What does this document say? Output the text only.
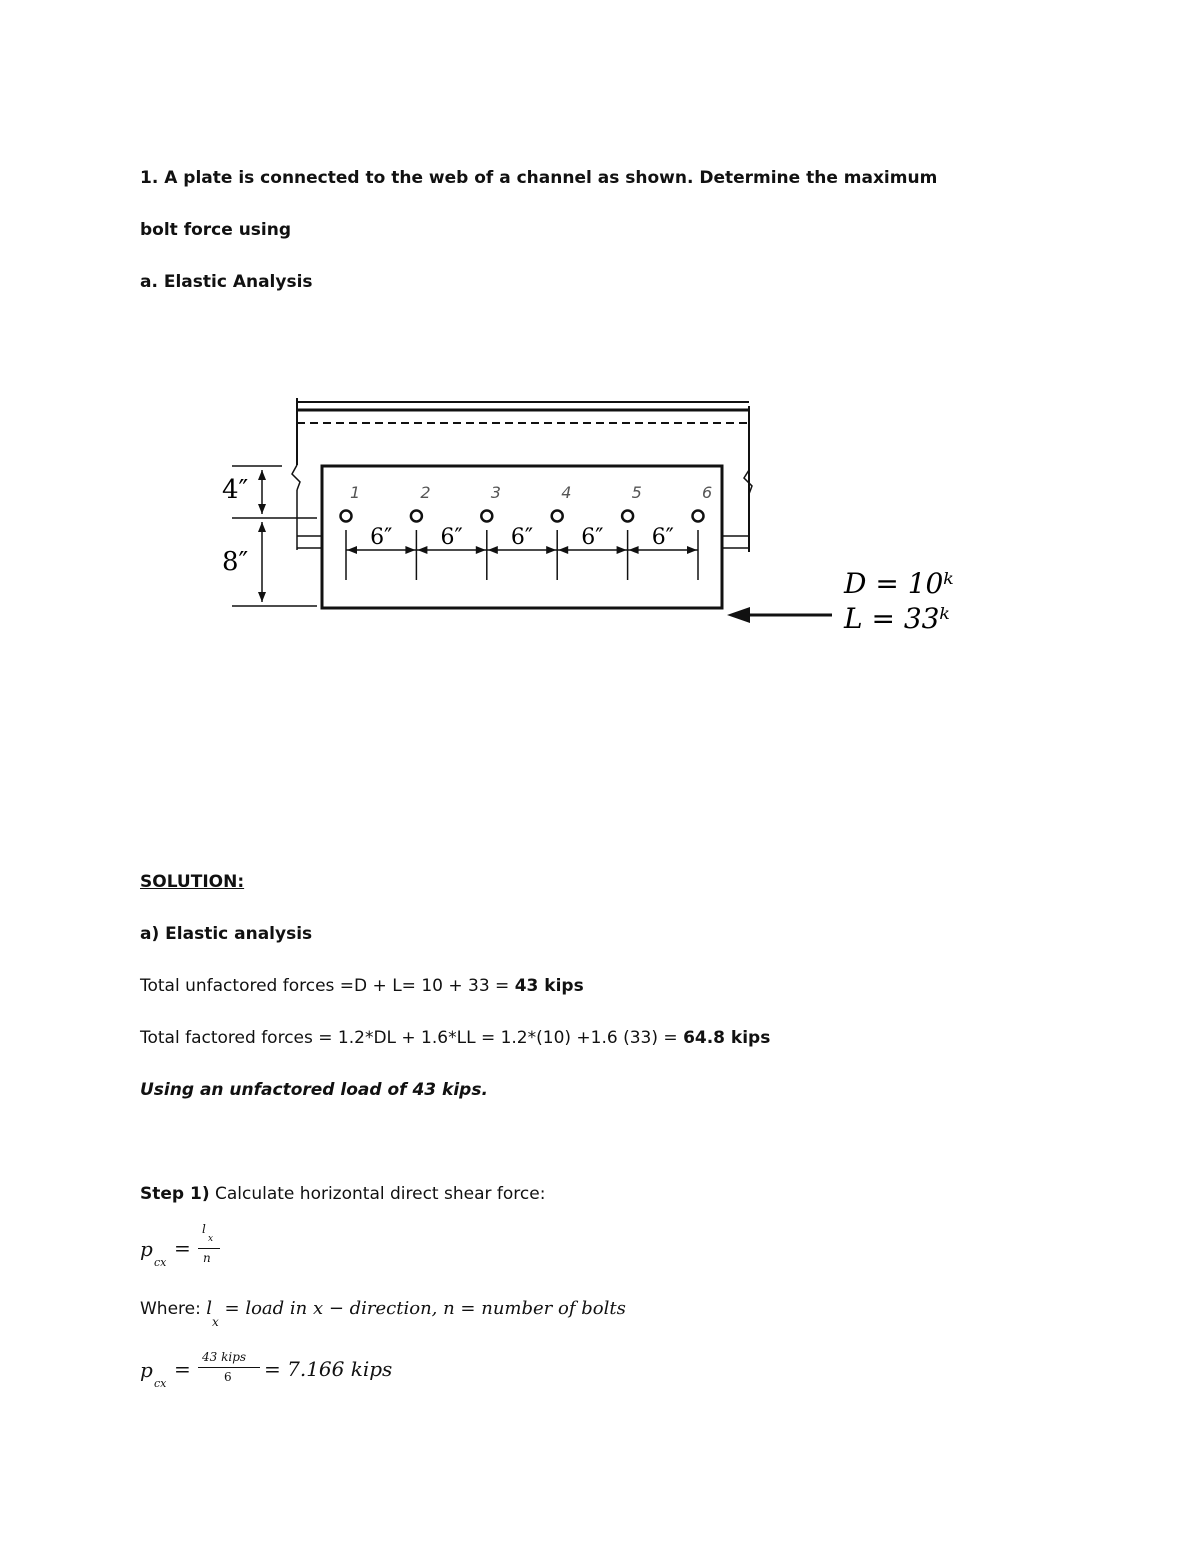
1. A plate is connected to the web of a channel as shown. Determine the maximum
bolt force using
a. Elastic Analysis
1	2	3	4	5	6
6″ 6″ 6″ 6″ 6″
4″
8″
D = 10ᵏ
L = 33ᵏ
SOLUTION:
a) Elastic analysis
Total unfactored forces =D + L= 10 + 33 = 43 kips
Total factored forces = 1.2*DL + 1.6*LL = 1.2*(10) +1.6 (33) = 64.8 kips
Using an unfactored load of 43 kips.
Step 1) Calculate horizontal direct shear force:
p
cx
=
l
x
n
Where: $l_x$ = load in x − direction, n = number of bolts
p
cx
= 43 kips
6 = 7.166 kips
